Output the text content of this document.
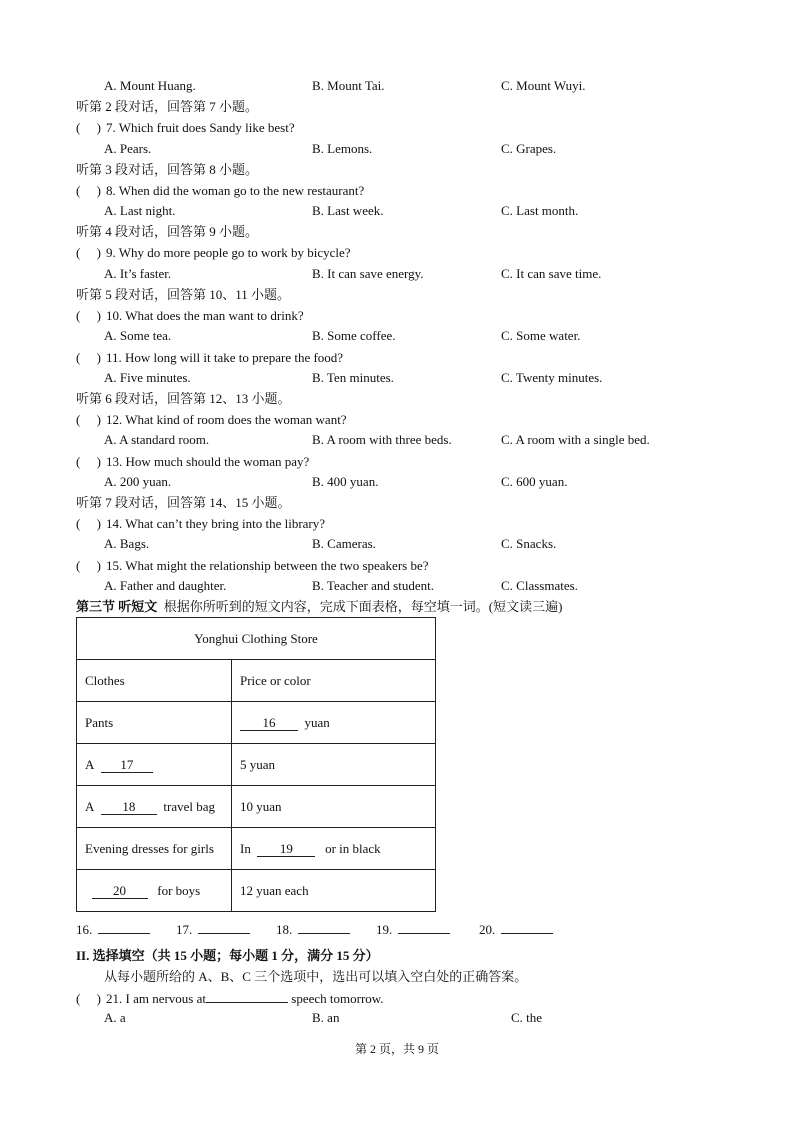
A. Mount Huang.	B. Mount Tai.	C. Mount Wuyi.
听第 2 段对话，回答第 7 小题。
( ) 7. Which fruit does Sandy like best?
A. Pears.	B. Lemons.	C. Grapes.
听第 3 段对话，回答第 8 小题。
( ) 8. When did the woman go to the new restaurant?
A. Last night.	B. Last week.	C. Last month.
听第 4 段对话，回答第 9 小题。
( ) 9. Why do more people go to work by bicycle?
A. It’s faster.	B. It can save energy.	C. It can save time.
听第 5 段对话，回答第 10、11 小题。
( ) 10. What does the man want to drink?
A. Some tea.	B. Some coffee.	C. Some water.
( ) 11. How long will it take to prepare the food?
A. Five minutes.	B. Ten minutes.	C. Twenty minutes.
听第 6 段对话，回答第 12、13 小题。
( ) 12. What kind of room does the woman want?
A. A standard room.	B. A room with three beds.	C. A room with a single bed.
( ) 13. How much should the woman pay?
A. 200 yuan.	B. 400 yuan.	C. 600 yuan.
听第 7 段对话，回答第 14、15 小题。
( ) 14. What can’t they bring into the library?
A. Bags.	B. Cameras.	C. Snacks.
( ) 15. What might the relationship between the two speakers be?
A. Father and daughter.	B. Teacher and student.	C. Classmates.
第三节 听短文 根据你所听到的短文内容，完成下面表格，每空填一词。(短文读三遍)
Yonghui Clothing Store	
Clothes	Price or color
Pants	16 yuan
A 17	5 yuan
A 18 travel bag	10 yuan
Evening dresses for girls	In 19 or in black
20 for boys	12 yuan each
16.	17.	18.	19.	20.
II. 选择填空（共 15 小题；每小题 1 分，满分 15 分）
从每小题所给的 A、B、C 三个选项中，选出可以填入空白处的正确答案。
( ) 21. I am nervous at	speech tomorrow.
A. a	B. an	C. the
第 2 页，共 9 页
